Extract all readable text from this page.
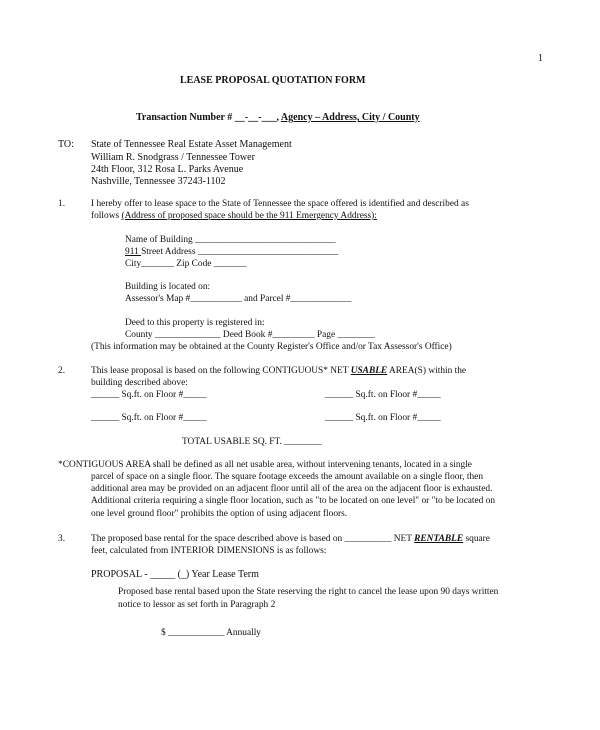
1
LEASE PROPOSAL QUOTATION FORM
Transaction Number # __-__-___, Agency – Address, City / County
TO: State of Tennessee Real Estate Asset Management
William R. Snodgrass / Tennessee Tower
24th Floor, 312 Rosa L. Parks Avenue
Nashville, Tennessee 37243-1102
1.	I hereby offer to lease space to the State of Tennessee the space offered is identified and described as
follows (Address of proposed space should be the 911 Emergency Address):
Name of Building ______________________________
911 Street Address ______________________________
City_______ Zip Code _______
Building is located on:
Assessor's Map #___________ and Parcel #_____________
Deed to this property is registered in:
County ______________ Deed Book #_________ Page ________
(This information may be obtained at the County Register's Office and/or Tax Assessor's Office)
2.	This lease proposal is based on the following CONTIGUOUS* NET USABLE AREA(S) within the
building described above:
______ Sq.ft. on Floor #_____	______ Sq.ft. on Floor #_____
______ Sq.ft. on Floor #_____	______ Sq.ft. on Floor #_____
TOTAL USABLE SQ. FT. ________
*CONTIGUOUS AREA shall be defined as all net usable area, without intervening tenants, located in a single
parcel of space on a single floor. The square footage exceeds the amount available on a single floor, then
additional area may be provided on an adjacent floor until all of the area on the adjacent floor is exhausted.
Additional criteria requiring a single floor location, such as "to be located on one level" or "to be located on
one level ground floor" prohibits the option of using adjacent floors.
3.	The proposed base rental for the space described above is based on __________ NET RENTABLE square
feet, calculated from INTERIOR DIMENSIONS is as follows:
PROPOSAL - _____ (_) Year Lease Term
Proposed base rental based upon the State reserving the right to cancel the lease upon 90 days written
notice to lessor as set forth in Paragraph 2
$ ____________ Annually
